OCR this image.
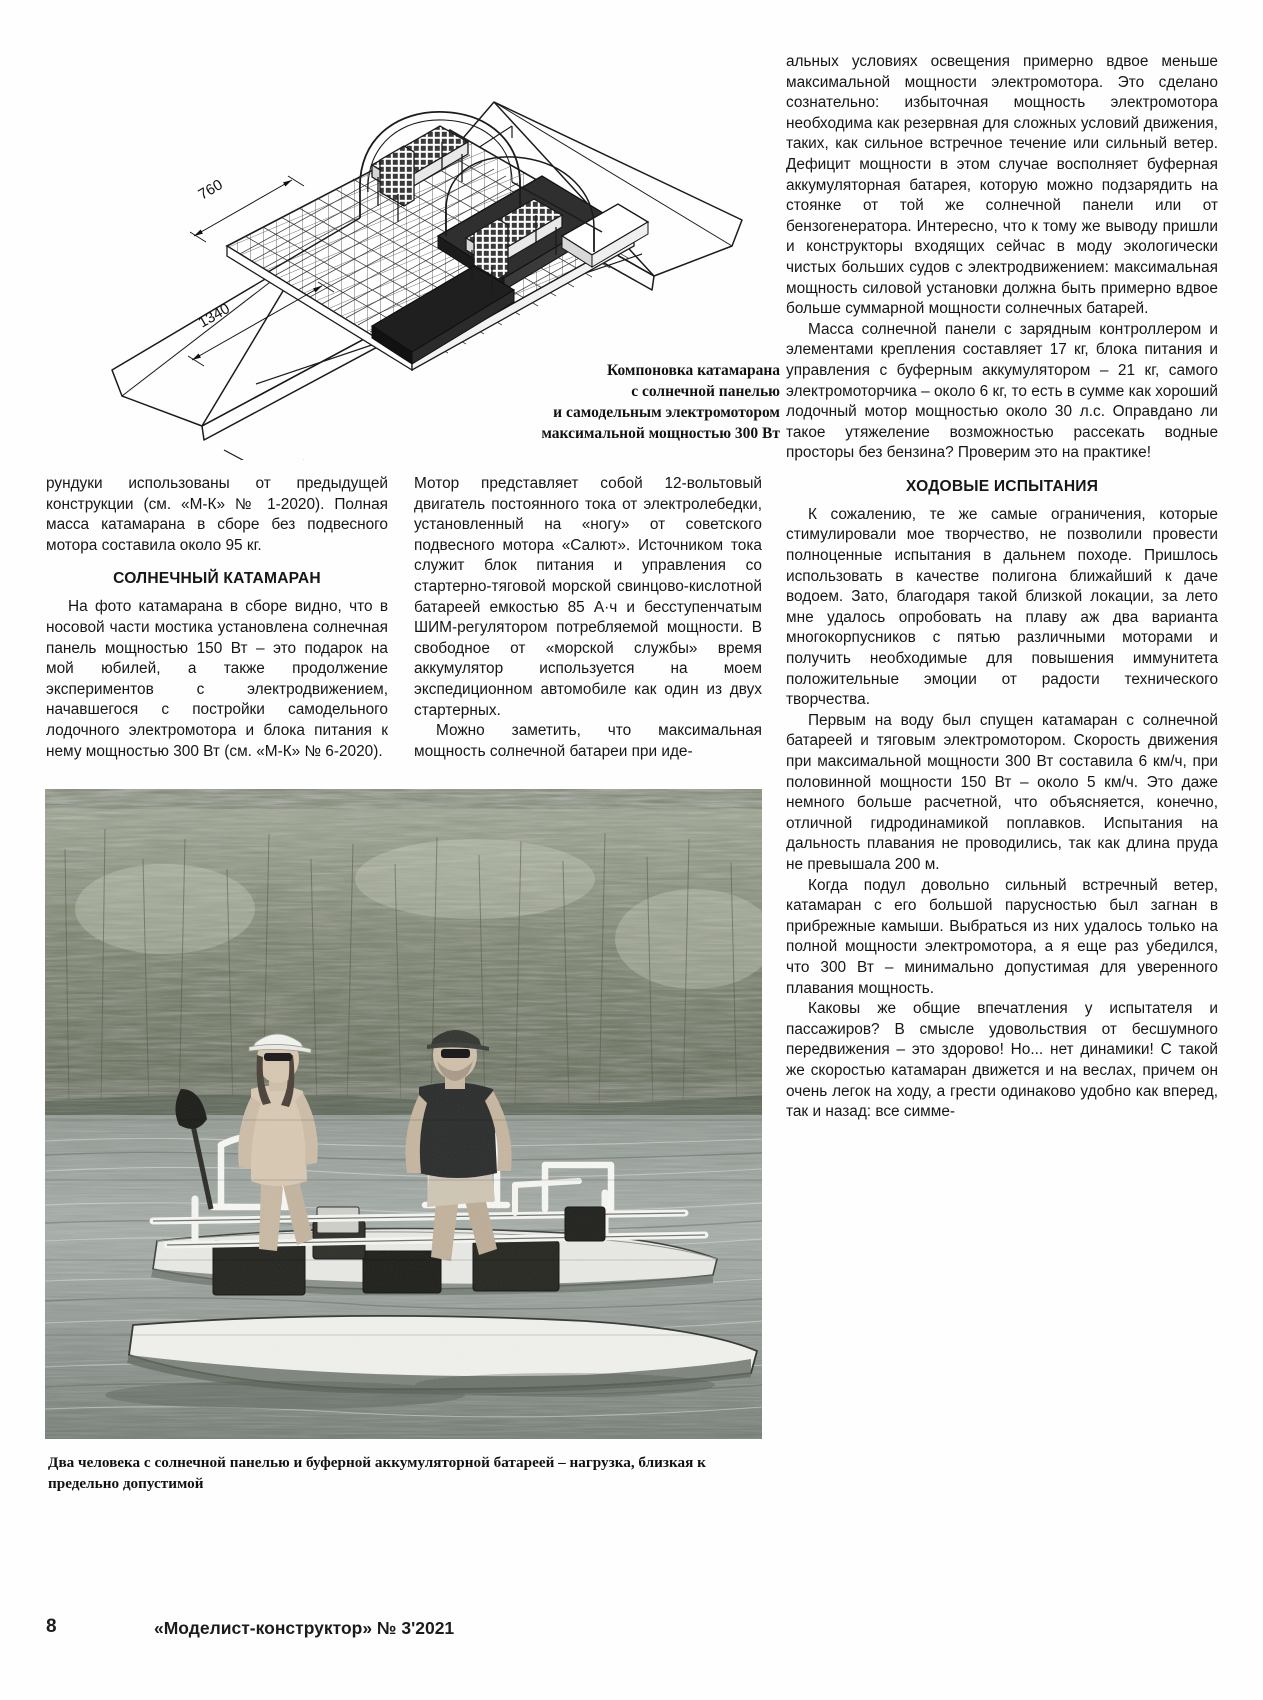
760
1340
Компоновка катамарана
с солнечной панелью
и самодельным электромотором
максимальной мощностью 300 Вт

рундуки использованы от предыдущей конструкции (см. «М-К» № 1-2020). Полная масса катамарана в сборе без подвесного мотора составила около 95 кг.

СОЛНЕЧНЫЙ КАТАМАРАН

На фото катамарана в сборе видно, что в носовой части мостика установлена солнечная панель мощностью 150 Вт – это подарок на мой юбилей, а также продолжение экспериментов с электродвижением, начавшегося с постройки самодельного лодочного электромотора и блока питания к нему мощностью 300 Вт (см. «М-К» № 6-2020).

Мотор представляет собой 12-вольтовый двигатель постоянного тока от электролебедки, установленный на «ногу» от советского подвесного мотора «Салют». Источником тока служит блок питания и управления со стартерно-тяговой морской свинцово-кислотной батареей емкостью 85 А·ч и бесступенчатым ШИМ-регулятором потребляемой мощности. В свободное от «морской службы» время аккумулятор используется на моем экспедиционном автомобиле как один из двух стартерных.

Можно заметить, что максимальная мощность солнечной батареи при иде-

альных условиях освещения примерно вдвое меньше максимальной мощности электромотора. Это сделано сознательно: избыточная мощность электромотора необходима как резервная для сложных условий движения, таких, как сильное встречное течение или сильный ветер. Дефицит мощности в этом случае восполняет буферная аккумуляторная батарея, которую можно подзарядить на стоянке от той же солнечной панели или от бензогенератора. Интересно, что к тому же выводу пришли и конструкторы входящих сейчас в моду экологически чистых больших судов с электродвижением: максимальная мощность силовой установки должна быть примерно вдвое больше суммарной мощности солнечных батарей.

Масса солнечной панели с зарядным контроллером и элементами крепления составляет 17 кг, блока питания и управления с буферным аккумулятором – 21 кг, самого электромоторчика – около 6 кг, то есть в сумме как хороший лодочный мотор мощностью около 30 л.с. Оправдано ли такое утяжеление возможностью рассекать водные просторы без бензина? Проверим это на практике!

ХОДОВЫЕ ИСПЫТАНИЯ

К сожалению, те же самые ограничения, которые стимулировали мое творчество, не позволили провести полноценные испытания в дальнем походе. Пришлось использовать в качестве полигона ближайший к даче водоем. Зато, благодаря такой близкой локации, за лето мне удалось опробовать на плаву аж два варианта многокорпусников с пятью различными моторами и получить необходимые для повышения иммунитета положительные эмоции от радости технического творчества.

Первым на воду был спущен катамаран с солнечной батареей и тяговым электромотором. Скорость движения при максимальной мощности 300 Вт составила 6 км/ч, при половинной мощности 150 Вт – около 5 км/ч. Это даже немного больше расчетной, что объясняется, конечно, отличной гидродинамикой поплавков. Испытания на дальность плавания не проводились, так как длина пруда не превышала 200 м.

Когда подул довольно сильный встречный ветер, катамаран с его большой парусностью был загнан в прибрежные камыши. Выбраться из них удалось только на полной мощности электромотора, а я еще раз убедился, что 300 Вт – минимально допустимая для уверенного плавания мощность.

Каковы же общие впечатления у испытателя и пассажиров? В смысле удовольствия от бесшумного передвижения – это здорово! Но... нет динамики! С такой же скоростью катамаран движется и на веслах, причем он очень легок на ходу, а грести одинаково удобно как вперед, так и назад: все симме-

Два человека с солнечной панелью и буферной аккумуляторной батареей – нагрузка, близкая к предельно допустимой
8	«Моделист-конструктор» № 3'2021
